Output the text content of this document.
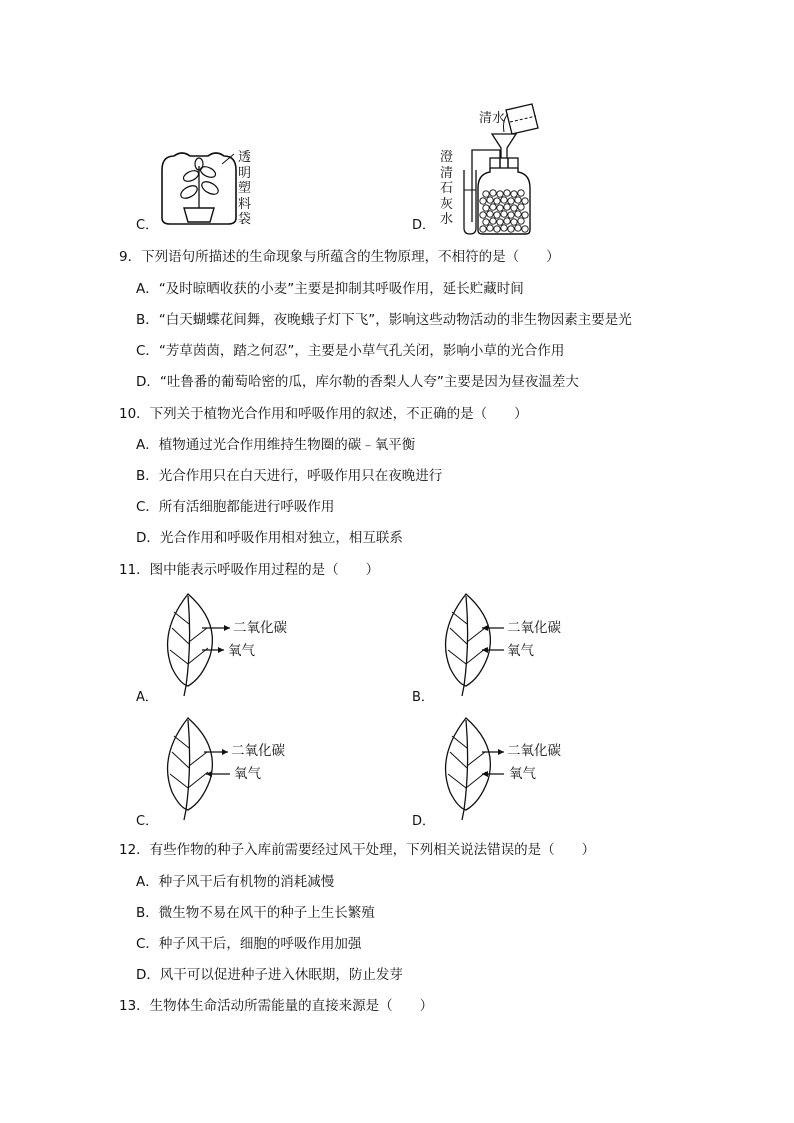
C．
透明塑料袋	D．
澄清石灰水
清水
9．下列语句所描述的生命现象与所蕴含的生物原理，不相符的是（　　）
A．“及时晾晒收获的小麦”主要是抑制其呼吸作用，延长贮藏时间
B．“白天蝴蝶花间舞，夜晚蛾子灯下飞”，影响这些动物活动的非生物因素主要是光
C．“芳草茵茵，踏之何忍”，主要是小草气孔关闭，影响小草的光合作用
D．“吐鲁番的葡萄哈密的瓜，库尔勒的香梨人人夸”主要是因为昼夜温差大
10．下列关于植物光合作用和呼吸作用的叙述，不正确的是（　　）
A．植物通过光合作用维持生物圈的碳﹣氧平衡
B．光合作用只在白天进行，呼吸作用只在夜晚进行
C．所有活细胞都能进行呼吸作用
D．光合作用和呼吸作用相对独立，相互联系
11．图中能表示呼吸作用过程的是（　　）
A．
二氧化碳
氧气
B．
二氧化碳
氧气
C．
二氧化碳
氧气
D．
二氧化碳
氧气
12．有些作物的种子入库前需要经过风干处理，下列相关说法错误的是（　　）
A．种子风干后有机物的消耗减慢
B．微生物不易在风干的种子上生长繁殖
C．种子风干后，细胞的呼吸作用加强
D．风干可以促进种子进入休眠期，防止发芽
13．生物体生命活动所需能量的直接来源是（　　）
